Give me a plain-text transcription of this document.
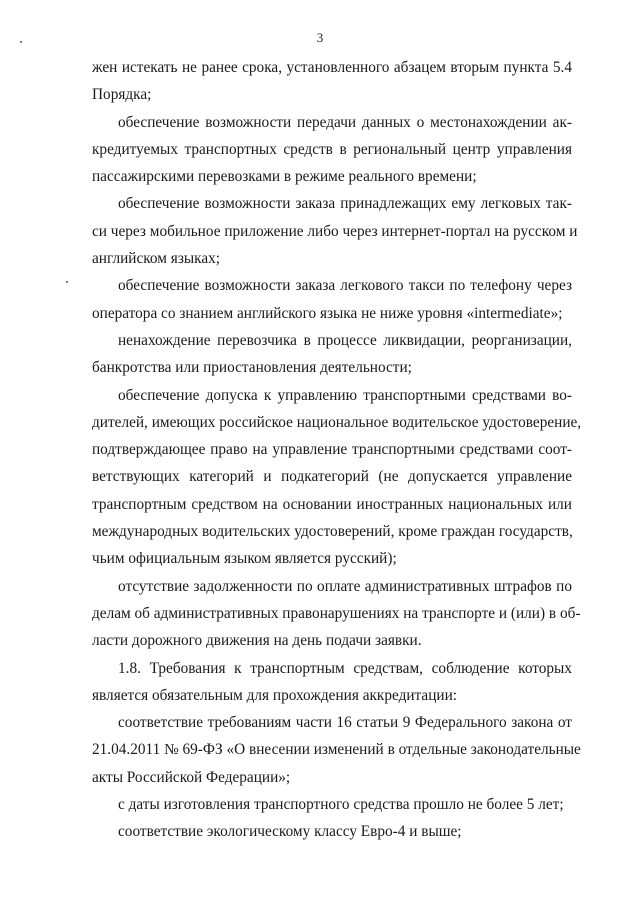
3
жен истекать не ранее срока, установленного абзацем вторым пункта 5.4
Порядка;
обеспечение возможности передачи данных о местонахождении ак-
кредитуемых транспортных средств в региональный центр управления
пассажирскими перевозками в режиме реального времени;
обеспечение возможности заказа принадлежащих ему легковых так-
си через мобильное приложение либо через интернет-портал на русском и
английском языках;
обеспечение возможности заказа легкового такси по телефону через
оператора со знанием английского языка не ниже уровня «intermediate»;
ненахождение перевозчика в процессе ликвидации, реорганизации,
банкротства или приостановления деятельности;
обеспечение допуска к управлению транспортными средствами во-
дителей, имеющих российское национальное водительское удостоверение,
подтверждающее право на управление транспортными средствами соот-
ветствующих категорий и подкатегорий (не допускается управление
транспортным средством на основании иностранных национальных или
международных водительских удостоверений, кроме граждан государств,
чьим официальным языком является русский);
отсутствие задолженности по оплате административных штрафов по
делам об административных правонарушениях на транспорте и (или) в об-
ласти дорожного движения на день подачи заявки.
1.8. Требования к транспортным средствам, соблюдение которых
является обязательным для прохождения аккредитации:
соответствие требованиям части 16 статьи 9 Федерального закона от
21.04.2011 № 69-ФЗ «О внесении изменений в отдельные законодательные
акты Российской Федерации»;
с даты изготовления транспортного средства прошло не более 5 лет;
соответствие экологическому классу Евро-4 и выше;
